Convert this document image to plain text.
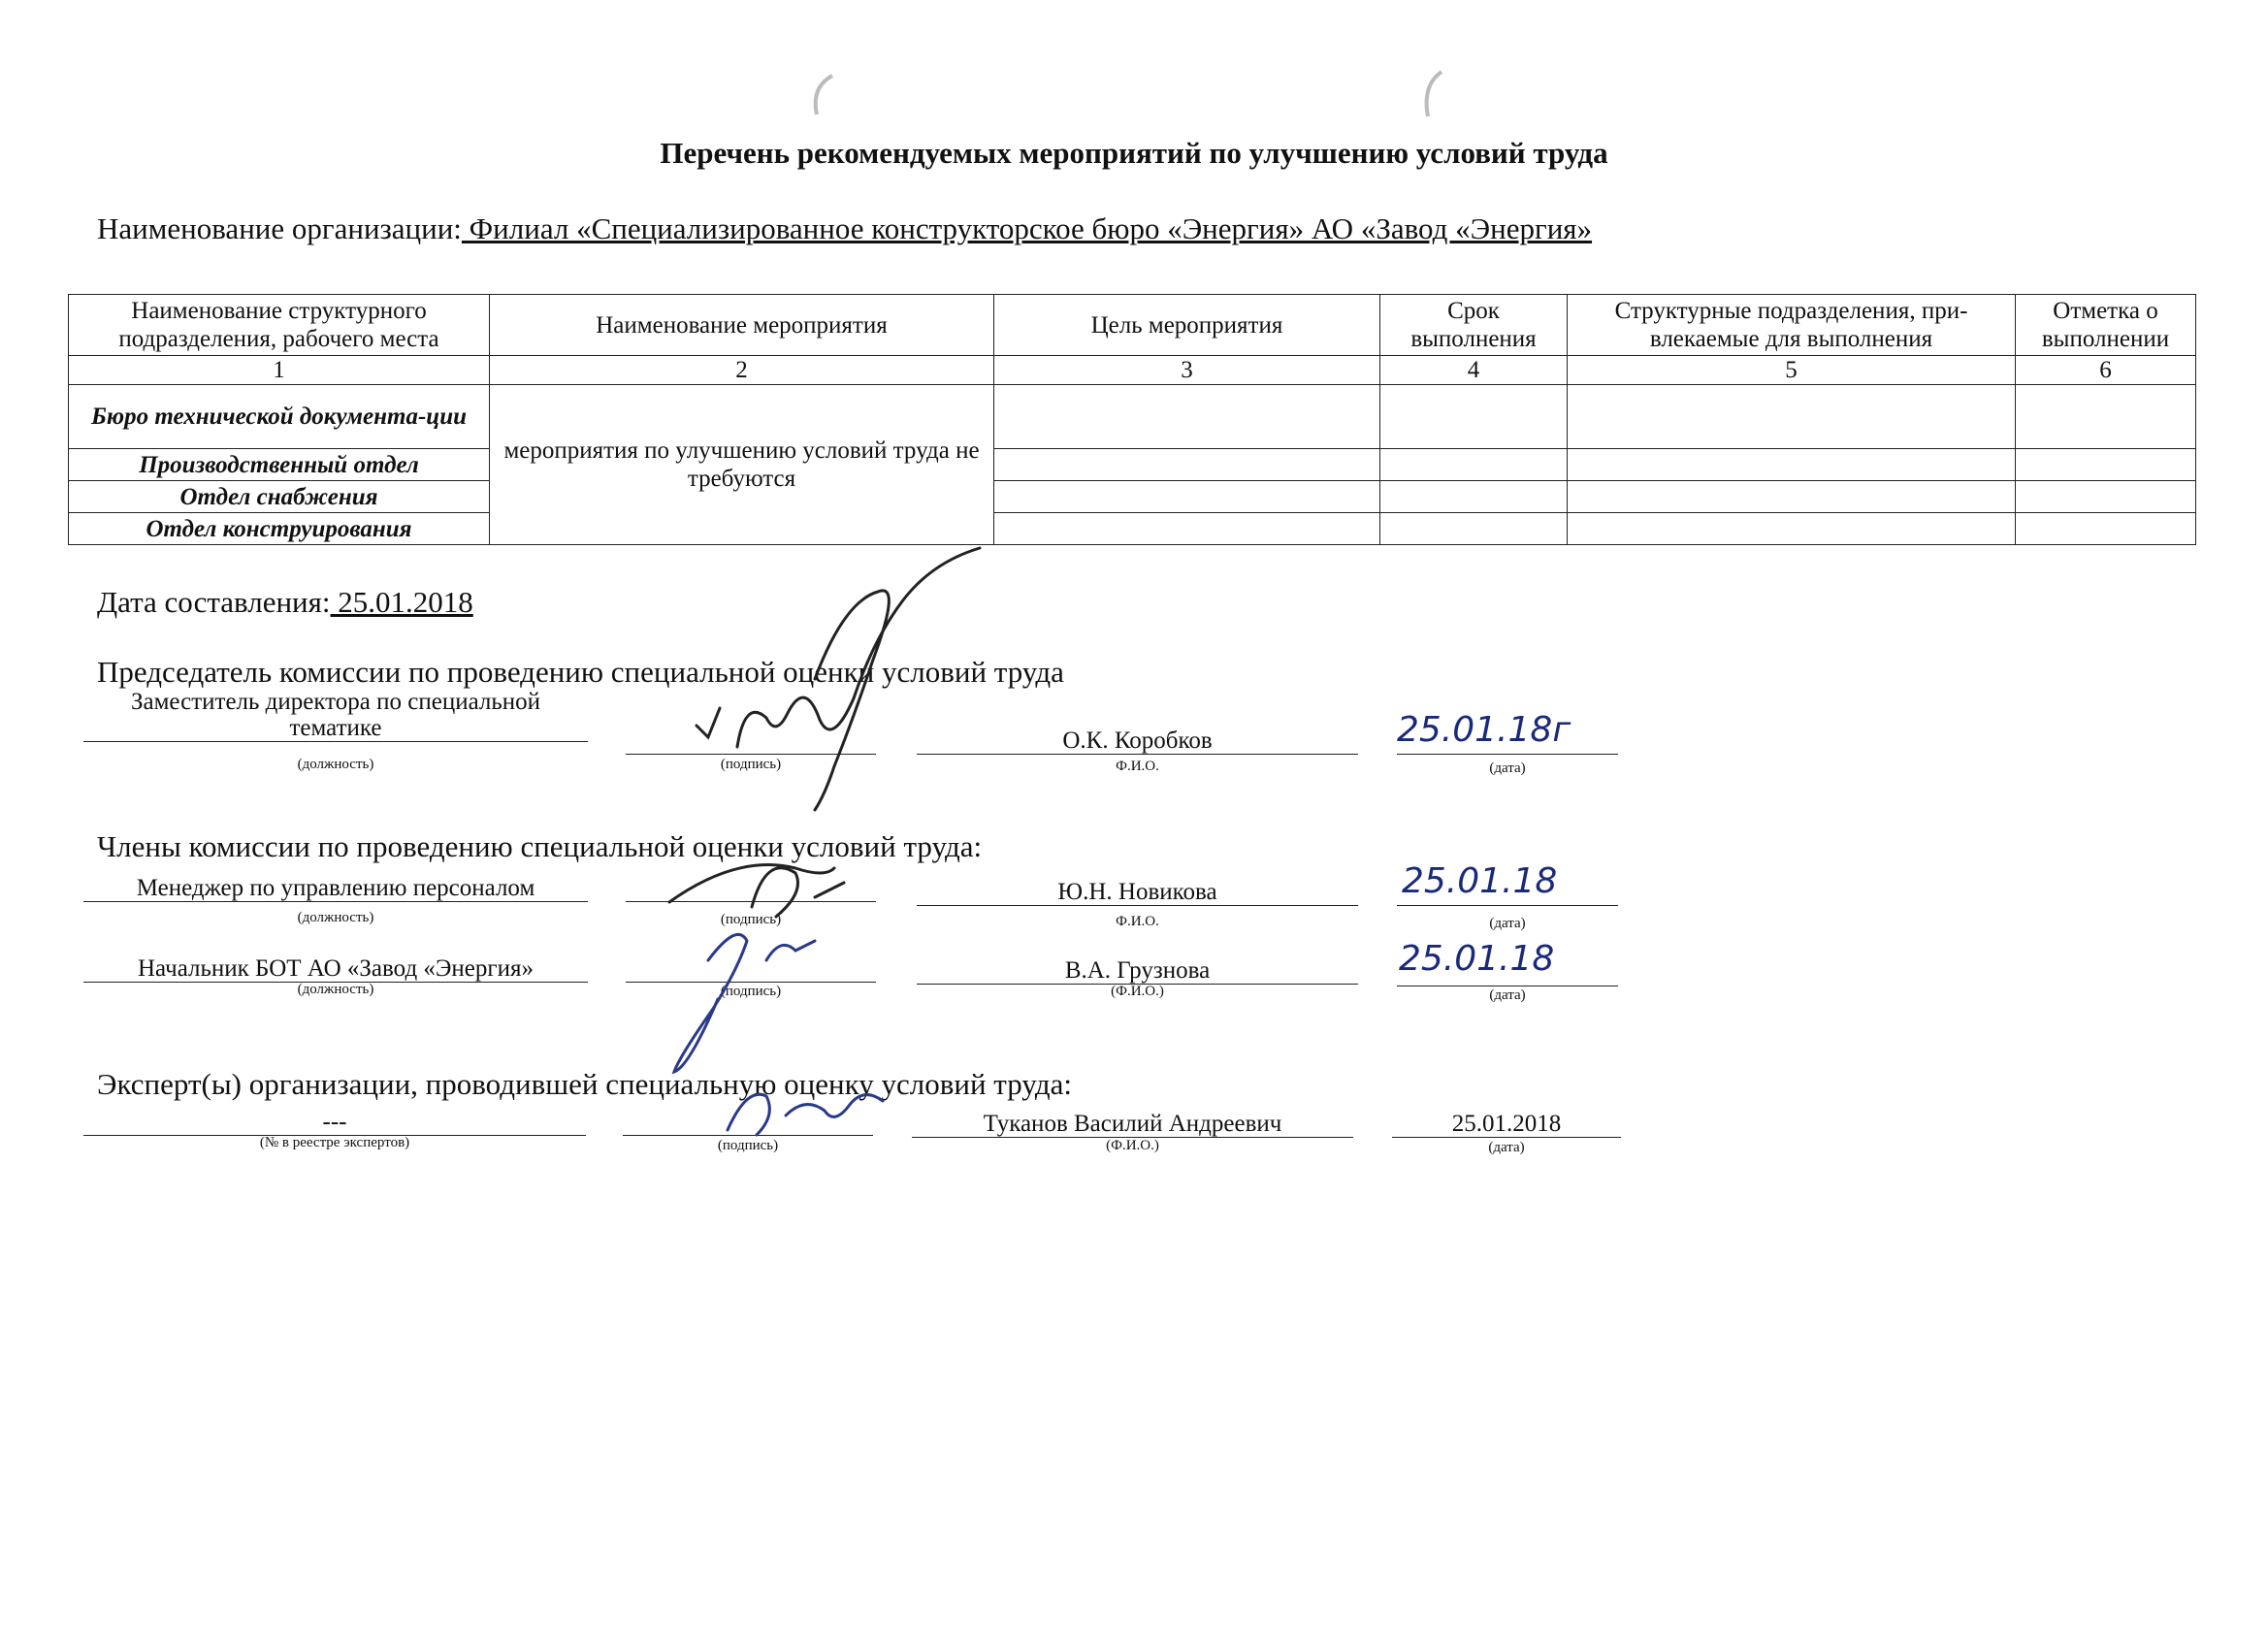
Перечень рекомендуемых мероприятий по улучшению условий труда
Наименование организации: Филиал «Специализированное конструкторское бюро «Энергия» АО «Завод «Энергия»
Наименование структурного подразделения, рабочего места	Наименование мероприятия	Цель мероприятия	Срок выполнения	Структурные подразделения, при-влекаемые для выполнения	Отметка о выполнении
1	2	3	4	5	6
Бюро технической документа-ции	мероприятия по улучшению условий труда не требуются				
Производственный отдел					
Отдел снабжения					
Отдел конструирования					
Дата составления: 25.01.2018
Председатель комиссии по проведению специальной оценки условий труда
Заместитель директора по специальной тематике	О.К. Коробков	25.01.18г
(должность)	(подпись)	Ф.И.О.	(дата)
Члены комиссии по проведению специальной оценки условий труда:
Менеджер по управлению персоналом	Ю.Н. Новикова	25.01.18
(должность)	(подпись)	Ф.И.О.	(дата)
Начальник БОТ АО «Завод «Энергия»	В.А. Грузнова	25.01.18
(должность)	(подпись)	(Ф.И.О.)	(дата)
Эксперт(ы) организации, проводившей специальную оценку условий труда:
---	Туканов Василий Андреевич	25.01.2018
(№ в реестре экспертов)	(подпись)	(Ф.И.О.)	(дата)
